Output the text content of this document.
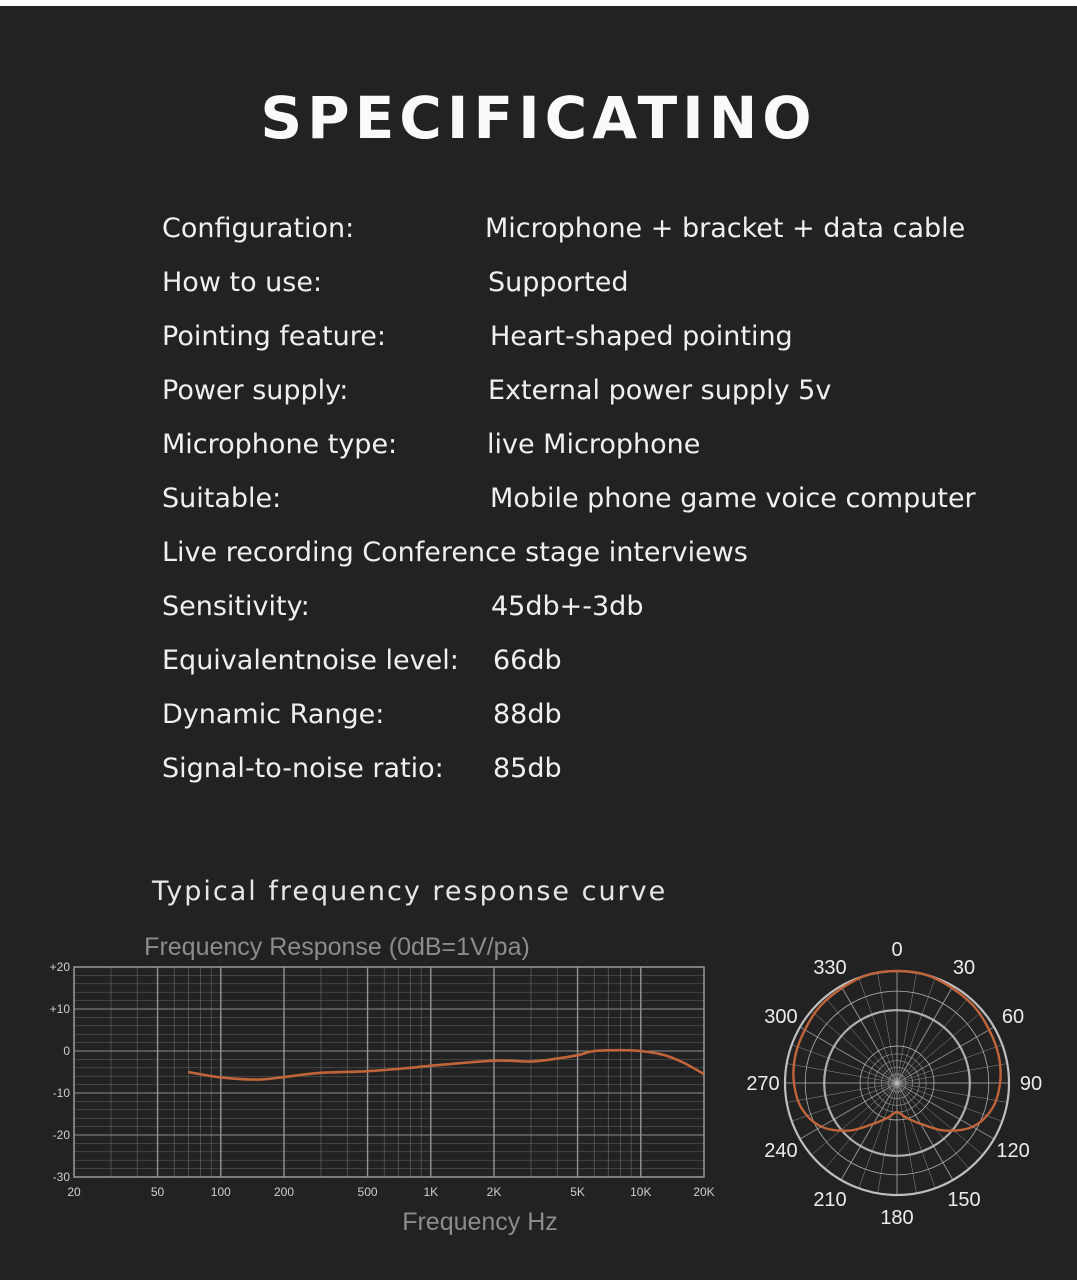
SPECIFICATINO
Configuration:	Microphone + bracket + data cable
How to use:	Supported
Pointing feature:	Heart-shaped pointing
Power supply:	External power supply 5v
Microphone type:	live Microphone
Suitable:	Mobile phone game voice computer
Live recording Conference stage interviews
Sensitivity:	45db+-3db
Equivalentnoise level: 66db
Dynamic Range:	88db
Signal-to-noise ratio: 85db
Typical frequency response curve
Frequency Response (0dB=1V/pa)
+20
+10
0
-10
-20
-30
20	50	100	200	500	1K	2K	5K	10K	20K
Frequency Hz
0
30
60
90
120
150
180
210
240
270
300
330
